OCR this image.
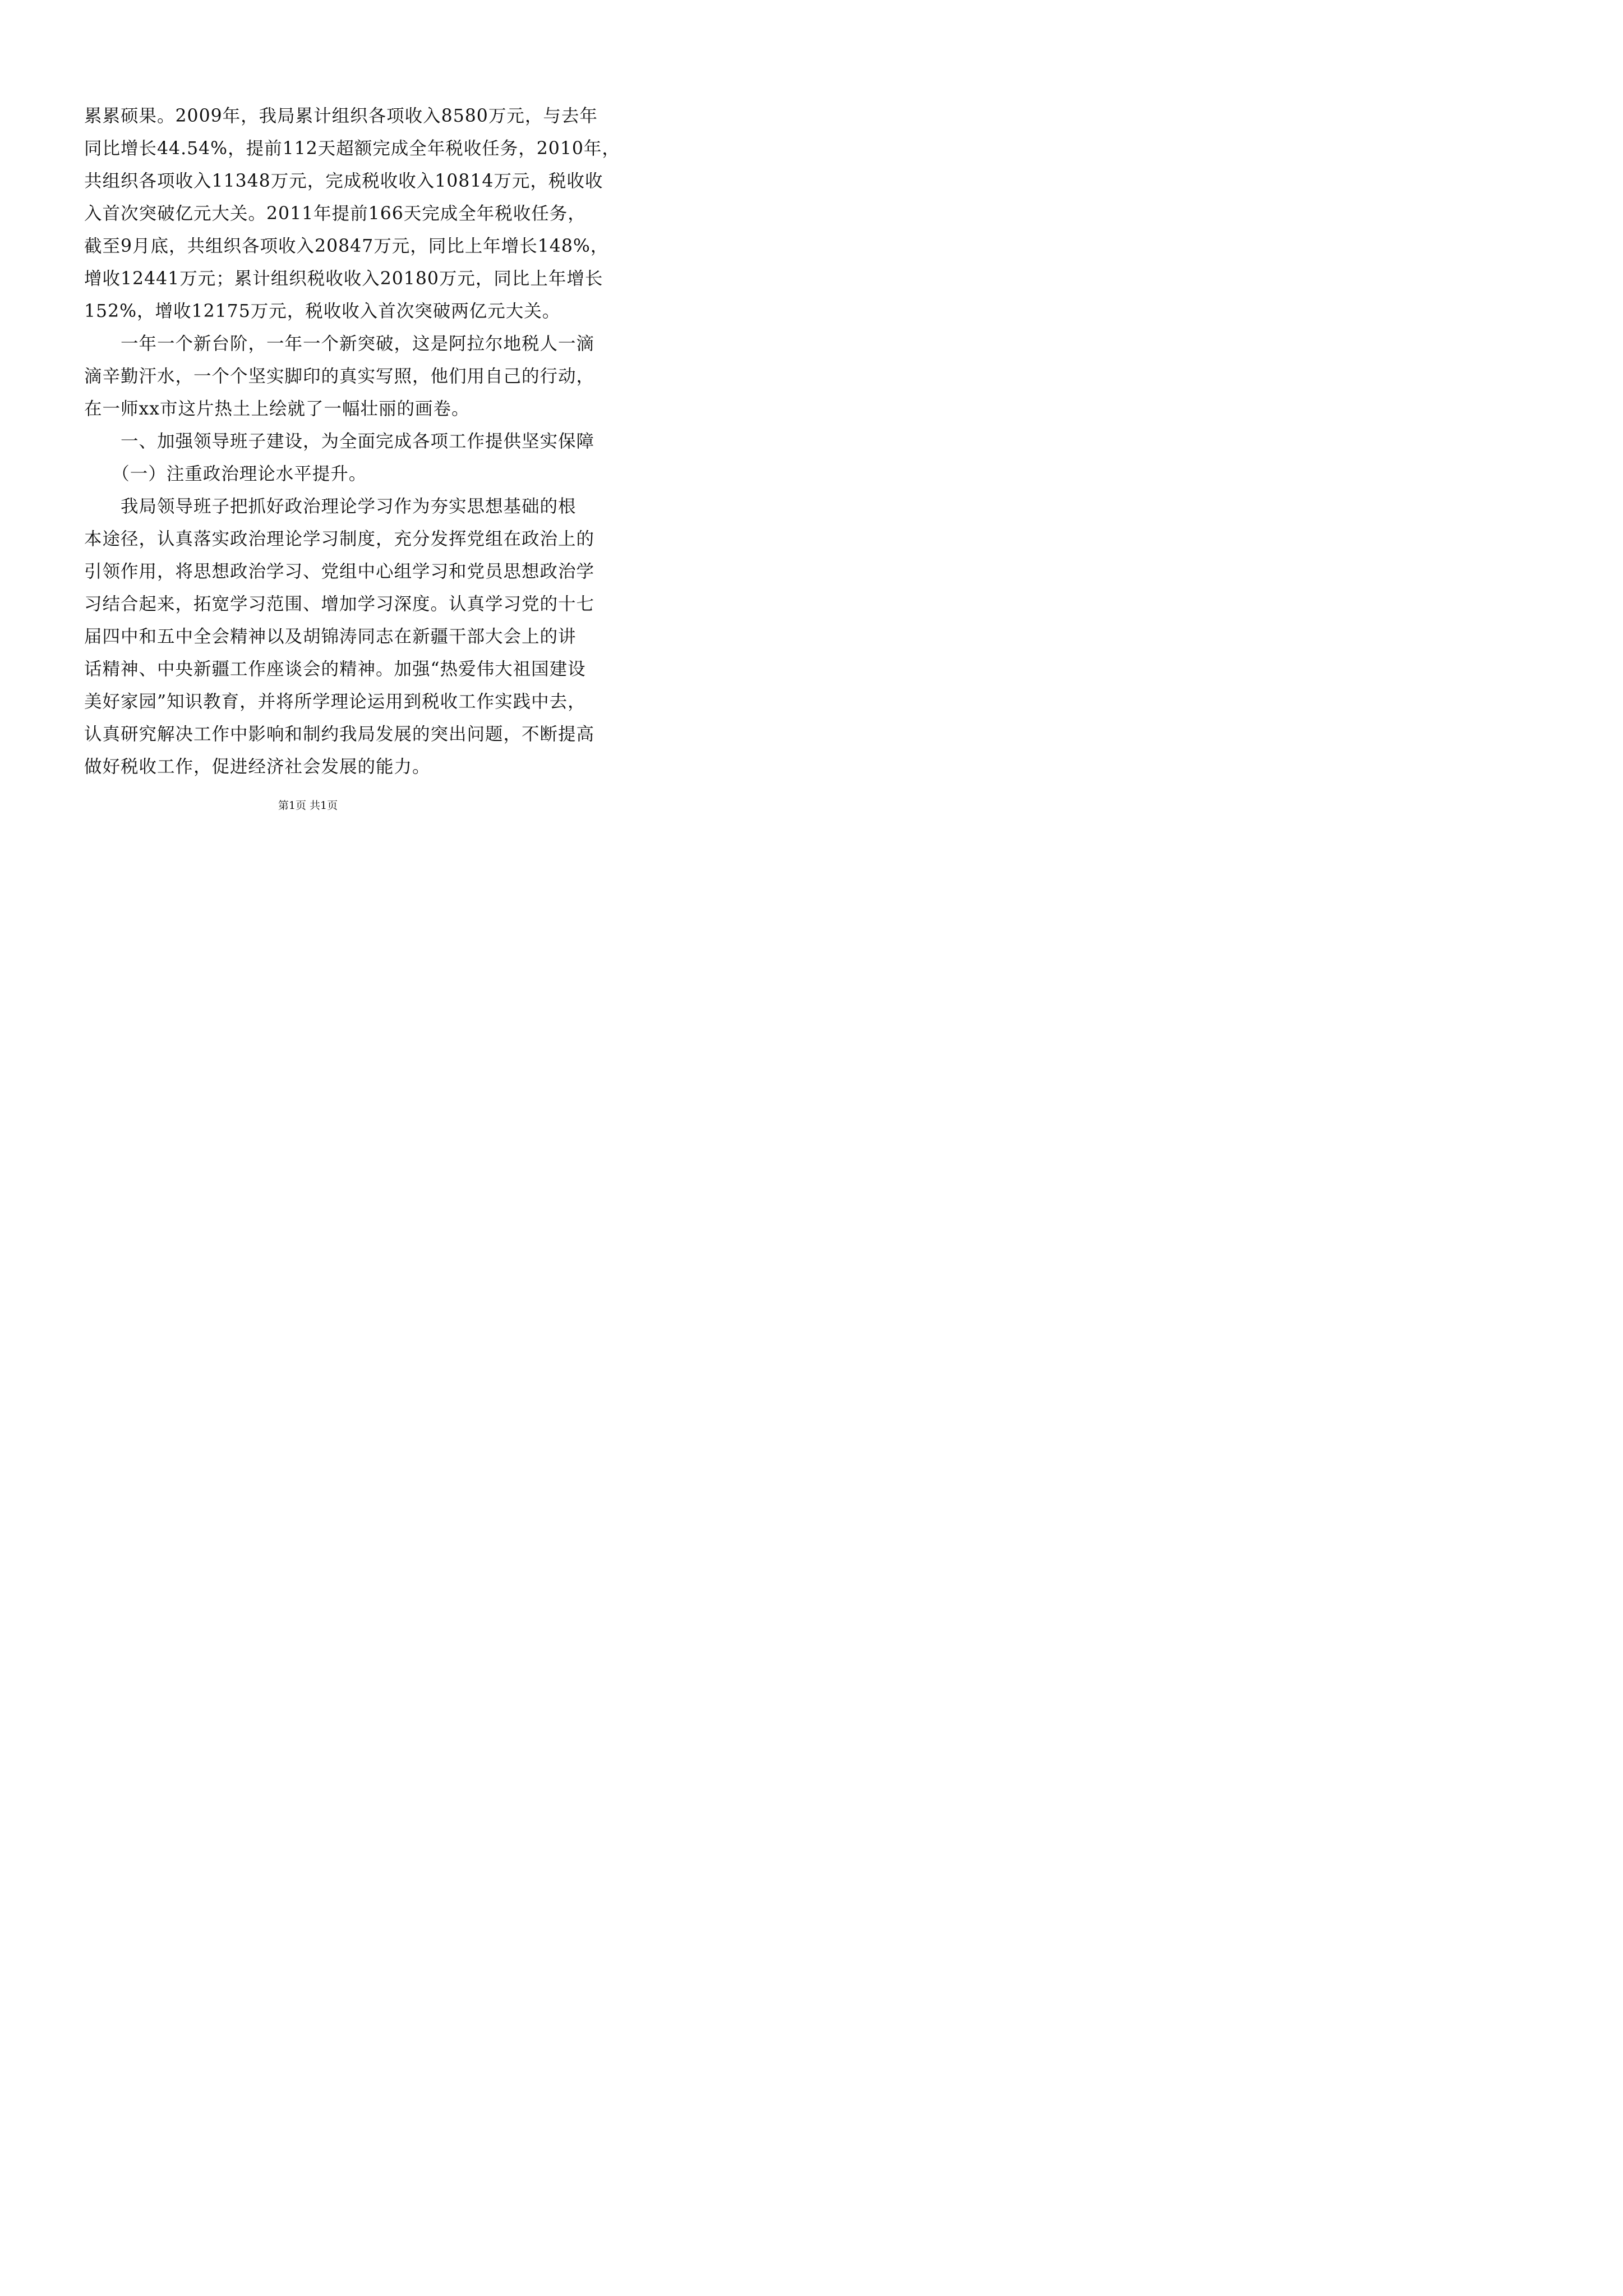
累累硕果。2009年，我局累计组织各项收入8580万元，与去年
同比增长44.54%，提前112天超额完成全年税收任务，2010年，
共组织各项收入11348万元，完成税收收入10814万元，税收收
入首次突破亿元大关。2011年提前166天完成全年税收任务，
截至9月底，共组织各项收入20847万元，同比上年增长148%，
增收12441万元；累计组织税收收入20180万元，同比上年增长
152%，增收12175万元，税收收入首次突破两亿元大关。
　　一年一个新台阶，一年一个新突破，这是阿拉尔地税人一滴
滴辛勤汗水，一个个坚实脚印的真实写照，他们用自己的行动，
在一师xx市这片热土上绘就了一幅壮丽的画卷。
　　一、加强领导班子建设，为全面完成各项工作提供坚实保障
　　（一）注重政治理论水平提升。
　　我局领导班子把抓好政治理论学习作为夯实思想基础的根
本途径，认真落实政治理论学习制度，充分发挥党组在政治上的
引领作用，将思想政治学习、党组中心组学习和党员思想政治学
习结合起来，拓宽学习范围、增加学习深度。认真学习党的十七
届四中和五中全会精神以及胡锦涛同志在新疆干部大会上的讲
话精神、中央新疆工作座谈会的精神。加强“热爱伟大祖国建设
美好家园”知识教育，并将所学理论运用到税收工作实践中去，
认真研究解决工作中影响和制约我局发展的突出问题，不断提高
做好税收工作，促进经济社会发展的能力。
第1页 共1页
